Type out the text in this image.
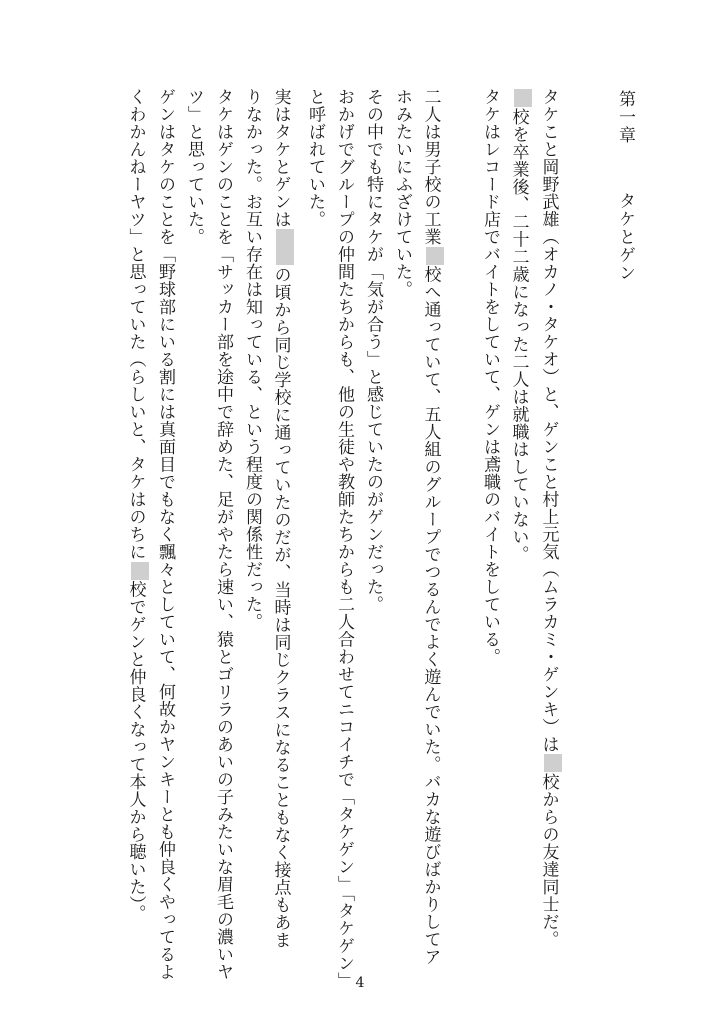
第一章タケとゲン
タケこと岡野武雄（オカノ・タケオ）と、ゲンこと村上元気（ムラカミ・ゲンキ）は校からの友達同士だ。
校を卒業後、二十二歳になった二人は就職はしていない。
タケはレコード店でバイトをしていて、ゲンは鳶職のバイトをしている。
二人は男子校の工業校へ通っていて、五人組のグループでつるんでよく遊んでいた。バカな遊びばかりしてア
ホみたいにふざけていた。
その中でも特にタケが「気が合う」と感じていたのがゲンだった。
おかげでグループの仲間たちからも、他の生徒や教師たちからも二人合わせてニコイチで「タケゲン」「タケゲン」
と呼ばれていた。
実はタケとゲンはの頃から同じ学校に通っていたのだが、当時は同じクラスになることもなく接点もあま
りなかった。お互い存在は知っている、という程度の関係性だった。
タケはゲンのことを「サッカー部を途中で辞めた、足がやたら速い、猿とゴリラのあいの子みたいな眉毛の濃いヤ
ツ」と思っていた。
ゲンはタケのことを「野球部にいる割には真面目でもなく飄々としていて、何故かヤンキーとも仲良くやってるよ
くわかんねーヤツ」と思っていた（らしいと、タケはのちに校でゲンと仲良くなって本人から聴いた）。
4
